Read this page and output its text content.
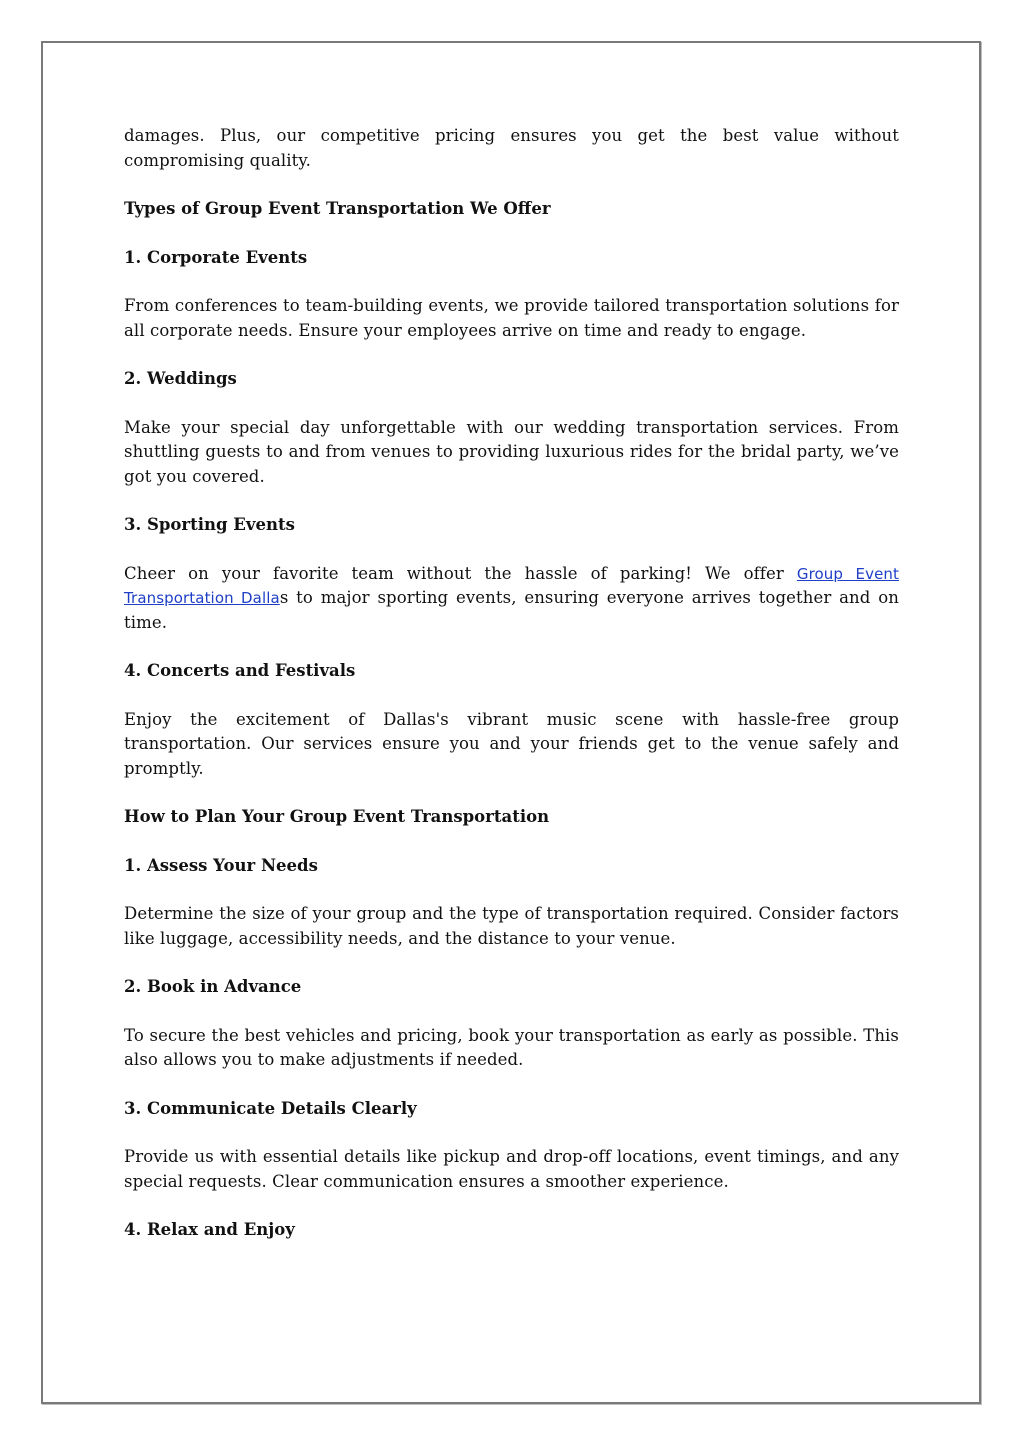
damages. Plus, our competitive pricing ensures you get the best value without compromising quality.

Types of Group Event Transportation We Offer

1. Corporate Events

From conferences to team-building events, we provide tailored transportation solutions for all corporate needs. Ensure your employees arrive on time and ready to engage.

2. Weddings

Make your special day unforgettable with our wedding transportation services. From shuttling guests to and from venues to providing luxurious rides for the bridal party, we’ve got you covered.

3. Sporting Events

Cheer on your favorite team without the hassle of parking! We offer Group Event Transportation Dallas to major sporting events, ensuring everyone arrives together and on time.

4. Concerts and Festivals

Enjoy the excitement of Dallas's vibrant music scene with hassle-free group transportation. Our services ensure you and your friends get to the venue safely and promptly.

How to Plan Your Group Event Transportation

1. Assess Your Needs

Determine the size of your group and the type of transportation required. Consider factors like luggage, accessibility needs, and the distance to your venue.

2. Book in Advance

To secure the best vehicles and pricing, book your transportation as early as possible. This also allows you to make adjustments if needed.

3. Communicate Details Clearly

Provide us with essential details like pickup and drop-off locations, event timings, and any special requests. Clear communication ensures a smoother experience.

4. Relax and Enjoy
